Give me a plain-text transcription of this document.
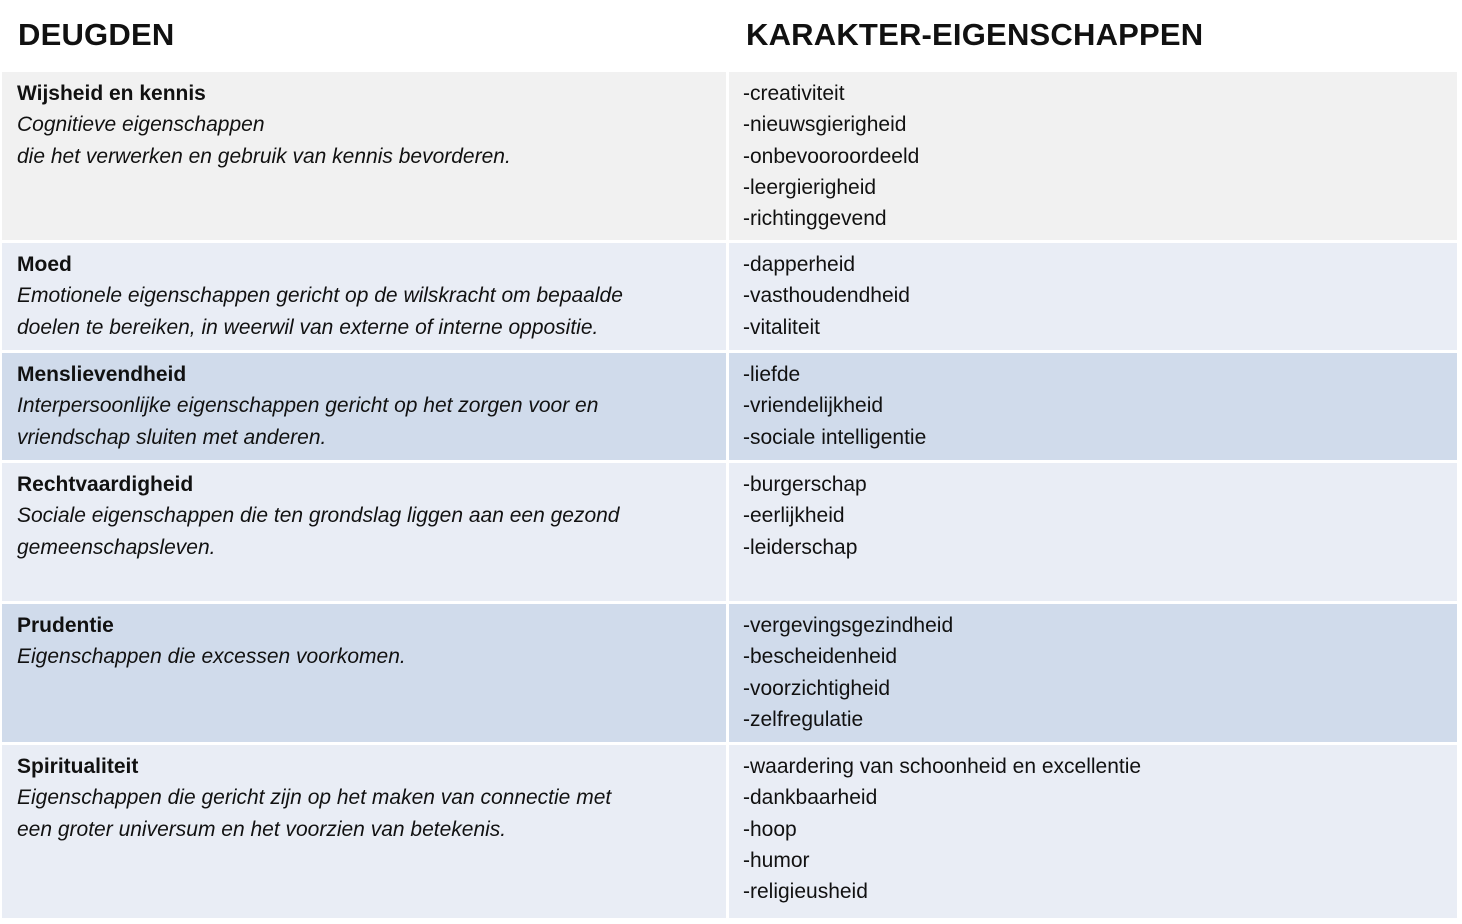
DEUGDEN	KARAKTER-EIGENSCHAPPEN
Wijsheid en kennis
Cognitieve eigenschappen
die het verwerken en gebruik van kennis bevorderen.
-creativiteit
-nieuwsgierigheid
-onbevooroordeeld
-leergierigheid
-richtinggevend
Moed
Emotionele eigenschappen gericht op de wilskracht om bepaalde
doelen te bereiken, in weerwil van externe of interne oppositie.
-dapperheid
-vasthoudendheid
-vitaliteit
Menslievendheid
Interpersoonlijke eigenschappen gericht op het zorgen voor en
vriendschap sluiten met anderen.
-liefde
-vriendelijkheid
-sociale intelligentie
Rechtvaardigheid
Sociale eigenschappen die ten grondslag liggen aan een gezond
gemeenschapsleven.
-burgerschap
-eerlijkheid
-leiderschap
Prudentie
Eigenschappen die excessen voorkomen.
-vergevingsgezindheid
-bescheidenheid
-voorzichtigheid
-zelfregulatie
Spiritualiteit
Eigenschappen die gericht zijn op het maken van connectie met
een groter universum en het voorzien van betekenis.
-waardering van schoonheid en excellentie
-dankbaarheid
-hoop
-humor
-religieusheid
